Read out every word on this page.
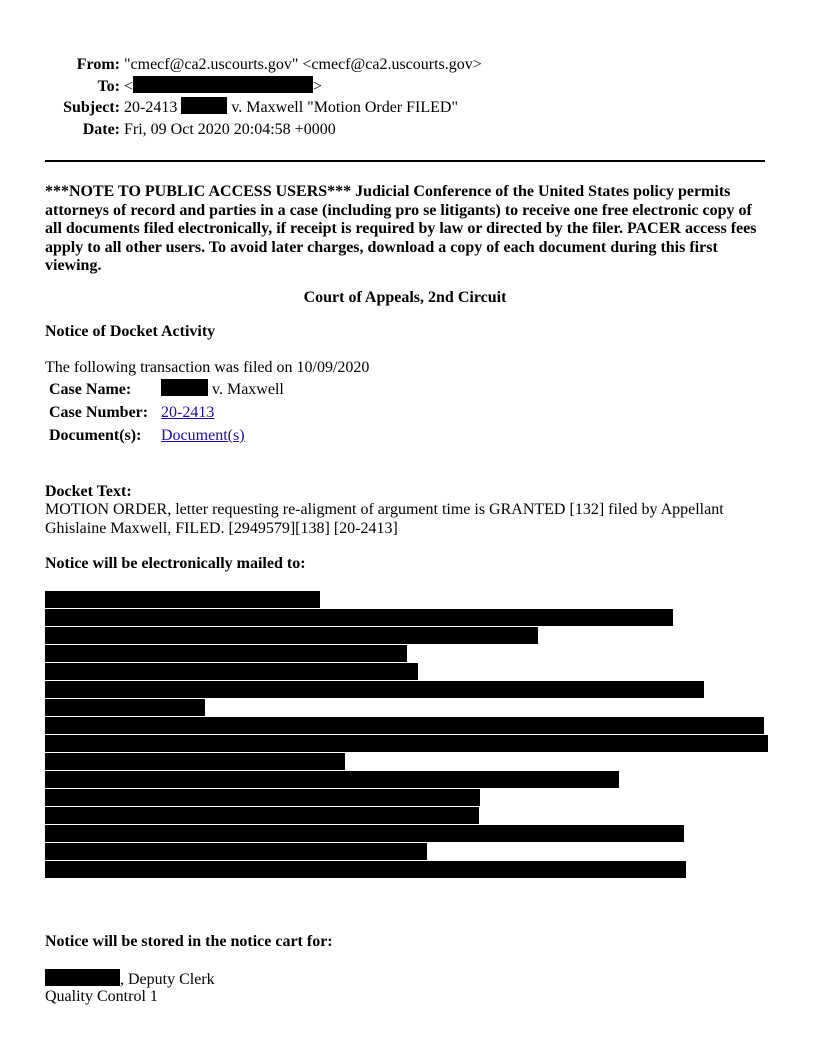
From: "cmecf@ca2.uscourts.gov" <cmecf@ca2.uscourts.gov>
To: <	>
Subject: 20-2413	v. Maxwell "Motion Order FILED"
Date: Fri, 09 Oct 2020 20:04:58 +0000
***NOTE TO PUBLIC ACCESS USERS*** Judicial Conference of the United States policy permits attorneys of record and parties in a case (including pro se litigants) to receive one free electronic copy of all documents filed electronically, if receipt is required by law or directed by the filer. PACER access fees apply to all other users. To avoid later charges, download a copy of each document during this first viewing.
Court of Appeals, 2nd Circuit
Notice of Docket Activity
The following transaction was filed on 10/09/2020
Case Name:	v. Maxwell
Case Number:	20-2413
Document(s):	Document(s)
Docket Text:
MOTION ORDER, letter requesting re-aligment of argument time is GRANTED [132] filed by Appellant Ghislaine Maxwell, FILED. [2949579][138] [20-2413]
Notice will be electronically mailed to:
Notice will be stored in the notice cart for:
, Deputy Clerk
Quality Control 1
